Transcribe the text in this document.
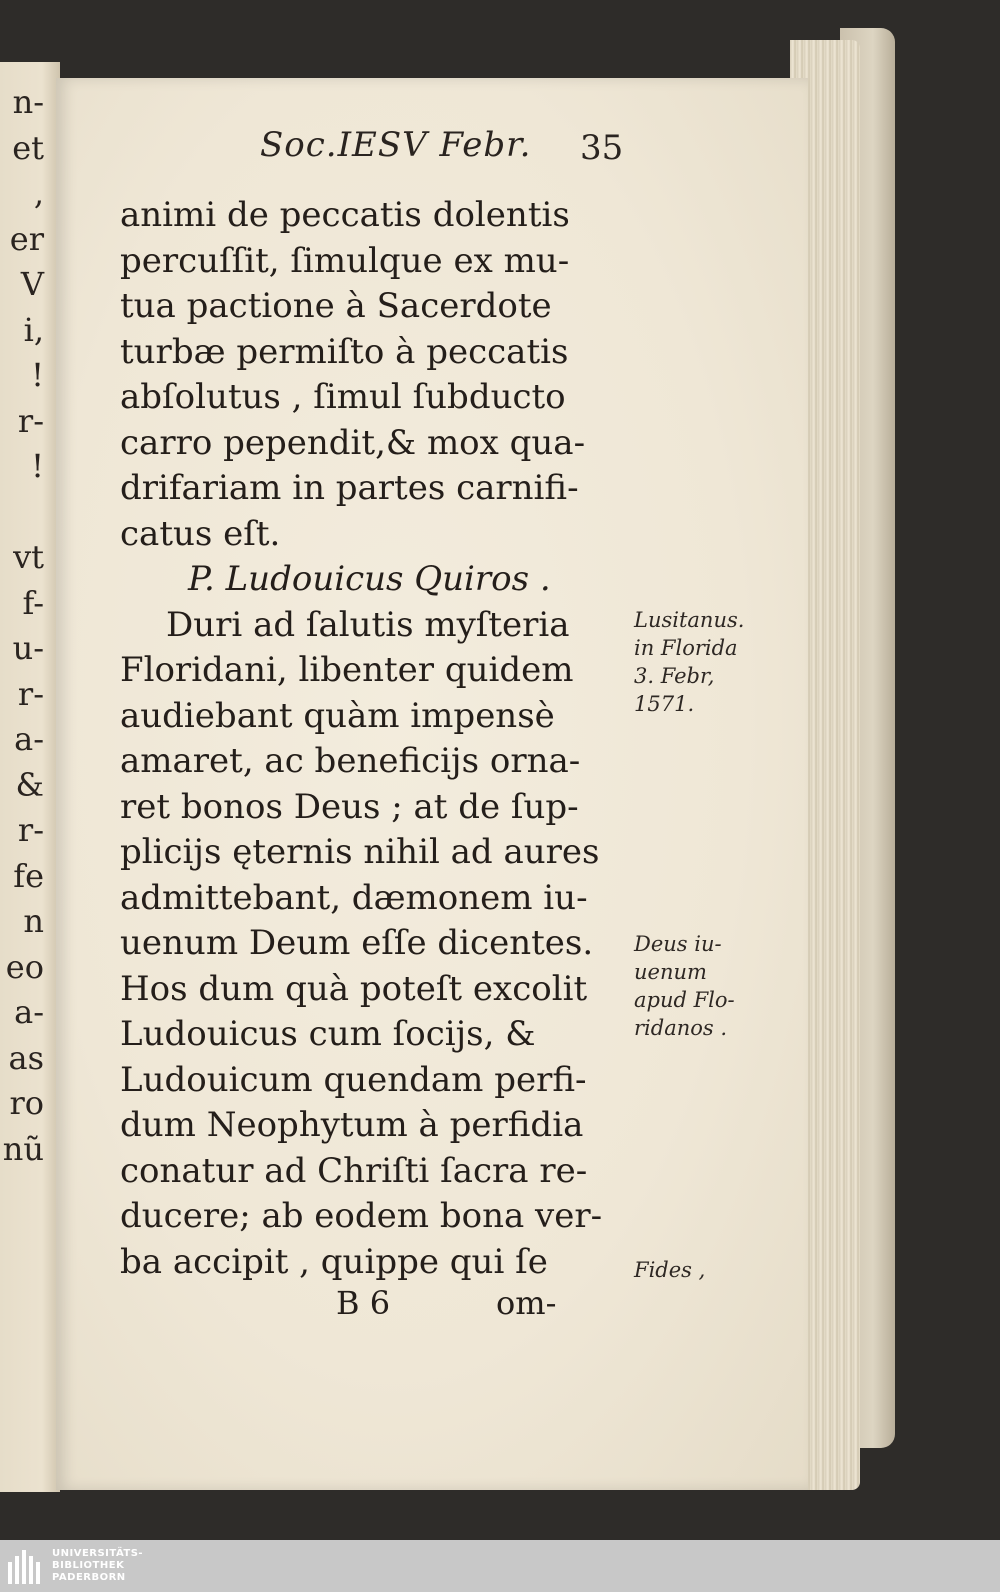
n-
et
,
er
V
i,
!
r-
!
vt
f-
u-
r-
a-
&
r-
fe
n
eo
a-
as
ro
nũ
Soc.IESV Febr. 35
animi de peccatis dolentis
percuſſit, ſimulque ex mu-
tua pactione à Sacerdote
turbæ permiſto à peccatis
abſolutus , ſimul ſubducto
carro pependit,& mox qua-
drifariam in partes carnifi-
catus eſt.
P. Ludouicus Quiros .
Duri ad ſalutis myſteria
Floridani, libenter quidem
audiebant quàm impensè
amaret, ac beneficijs orna-
ret bonos Deus ; at de ſup-
plicijs ęternis nihil ad aures
admittebant, dæmonem iu-
uenum Deum eſſe dicentes.
Hos dum quà poteſt excolit
Ludouicus cum ſocijs, &
Ludouicum quendam perfi-
dum Neophytum à perfidia
conatur ad Chriſti ſacra re-
ducere; ab eodem bona ver-
ba accipit , quippe qui ſe
Lusitanus.
in Florida
3. Febr,
1571.
Deus iu-
uenum
apud Flo-
ridanos .
Fides ,
B 6	om-
UNIVERSITÄTS-
BIBLIOTHEK
PADERBORN
